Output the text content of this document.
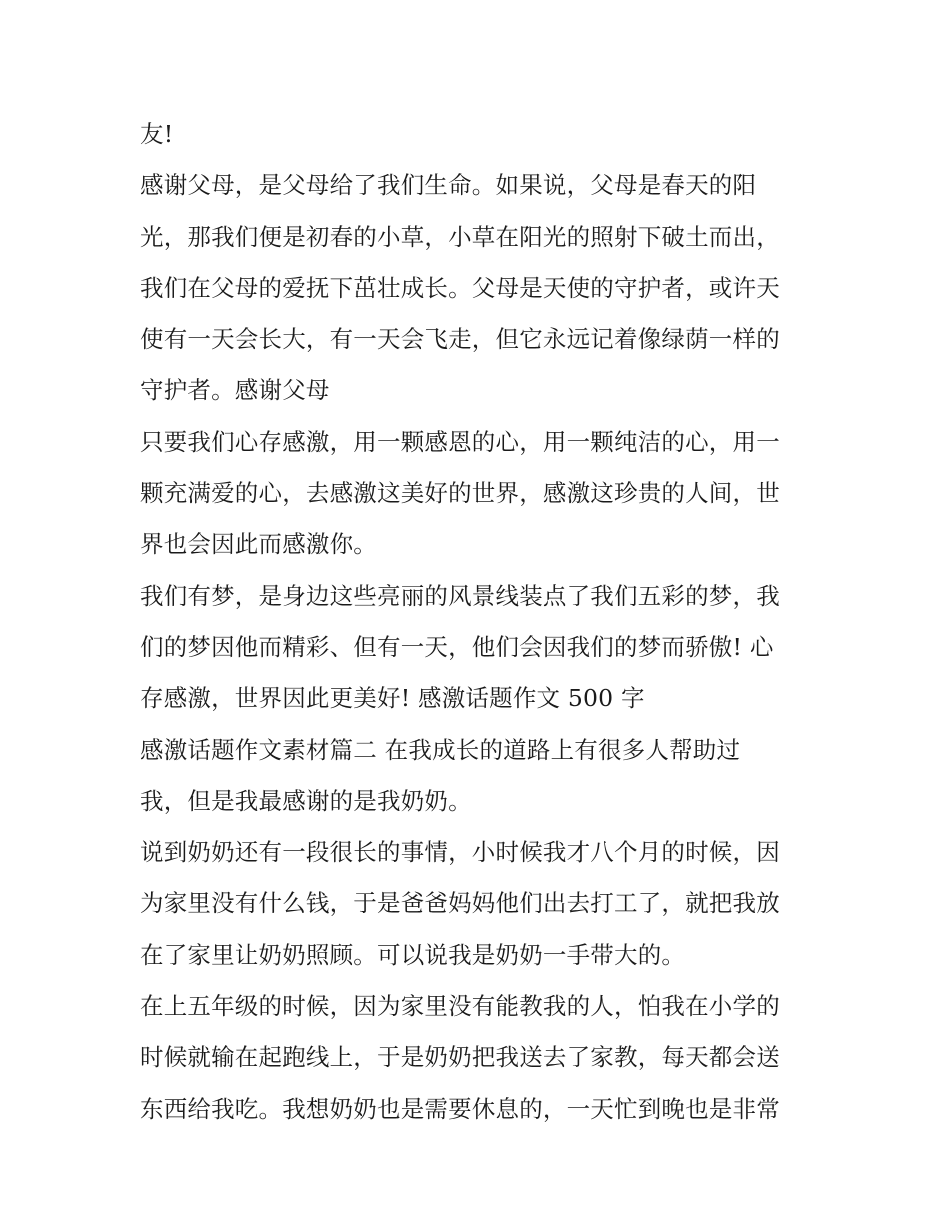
友!
感谢父母，是父母给了我们生命。如果说，父母是春天的阳
光，那我们便是初春的小草，小草在阳光的照射下破土而出，
我们在父母的爱抚下茁壮成长。父母是天使的守护者，或许天
使有一天会长大，有一天会飞走，但它永远记着像绿荫一样的
守护者。感谢父母
只要我们心存感激，用一颗感恩的心，用一颗纯洁的心，用一
颗充满爱的心，去感激这美好的世界，感激这珍贵的人间，世
界也会因此而感激你。
我们有梦，是身边这些亮丽的风景线装点了我们五彩的梦，我
们的梦因他而精彩、但有一天，他们会因我们的梦而骄傲! 心
存感激，世界因此更美好! 感激话题作文 500 字
感激话题作文素材篇二 在我成长的道路上有很多人帮助过
我，但是我最感谢的是我奶奶。
说到奶奶还有一段很长的事情，小时候我才八个月的时候，因
为家里没有什么钱，于是爸爸妈妈他们出去打工了，就把我放
在了家里让奶奶照顾。可以说我是奶奶一手带大的。
在上五年级的时候，因为家里没有能教我的人，怕我在小学的
时候就输在起跑线上，于是奶奶把我送去了家教，每天都会送
东西给我吃。我想奶奶也是需要休息的，一天忙到晚也是非常
